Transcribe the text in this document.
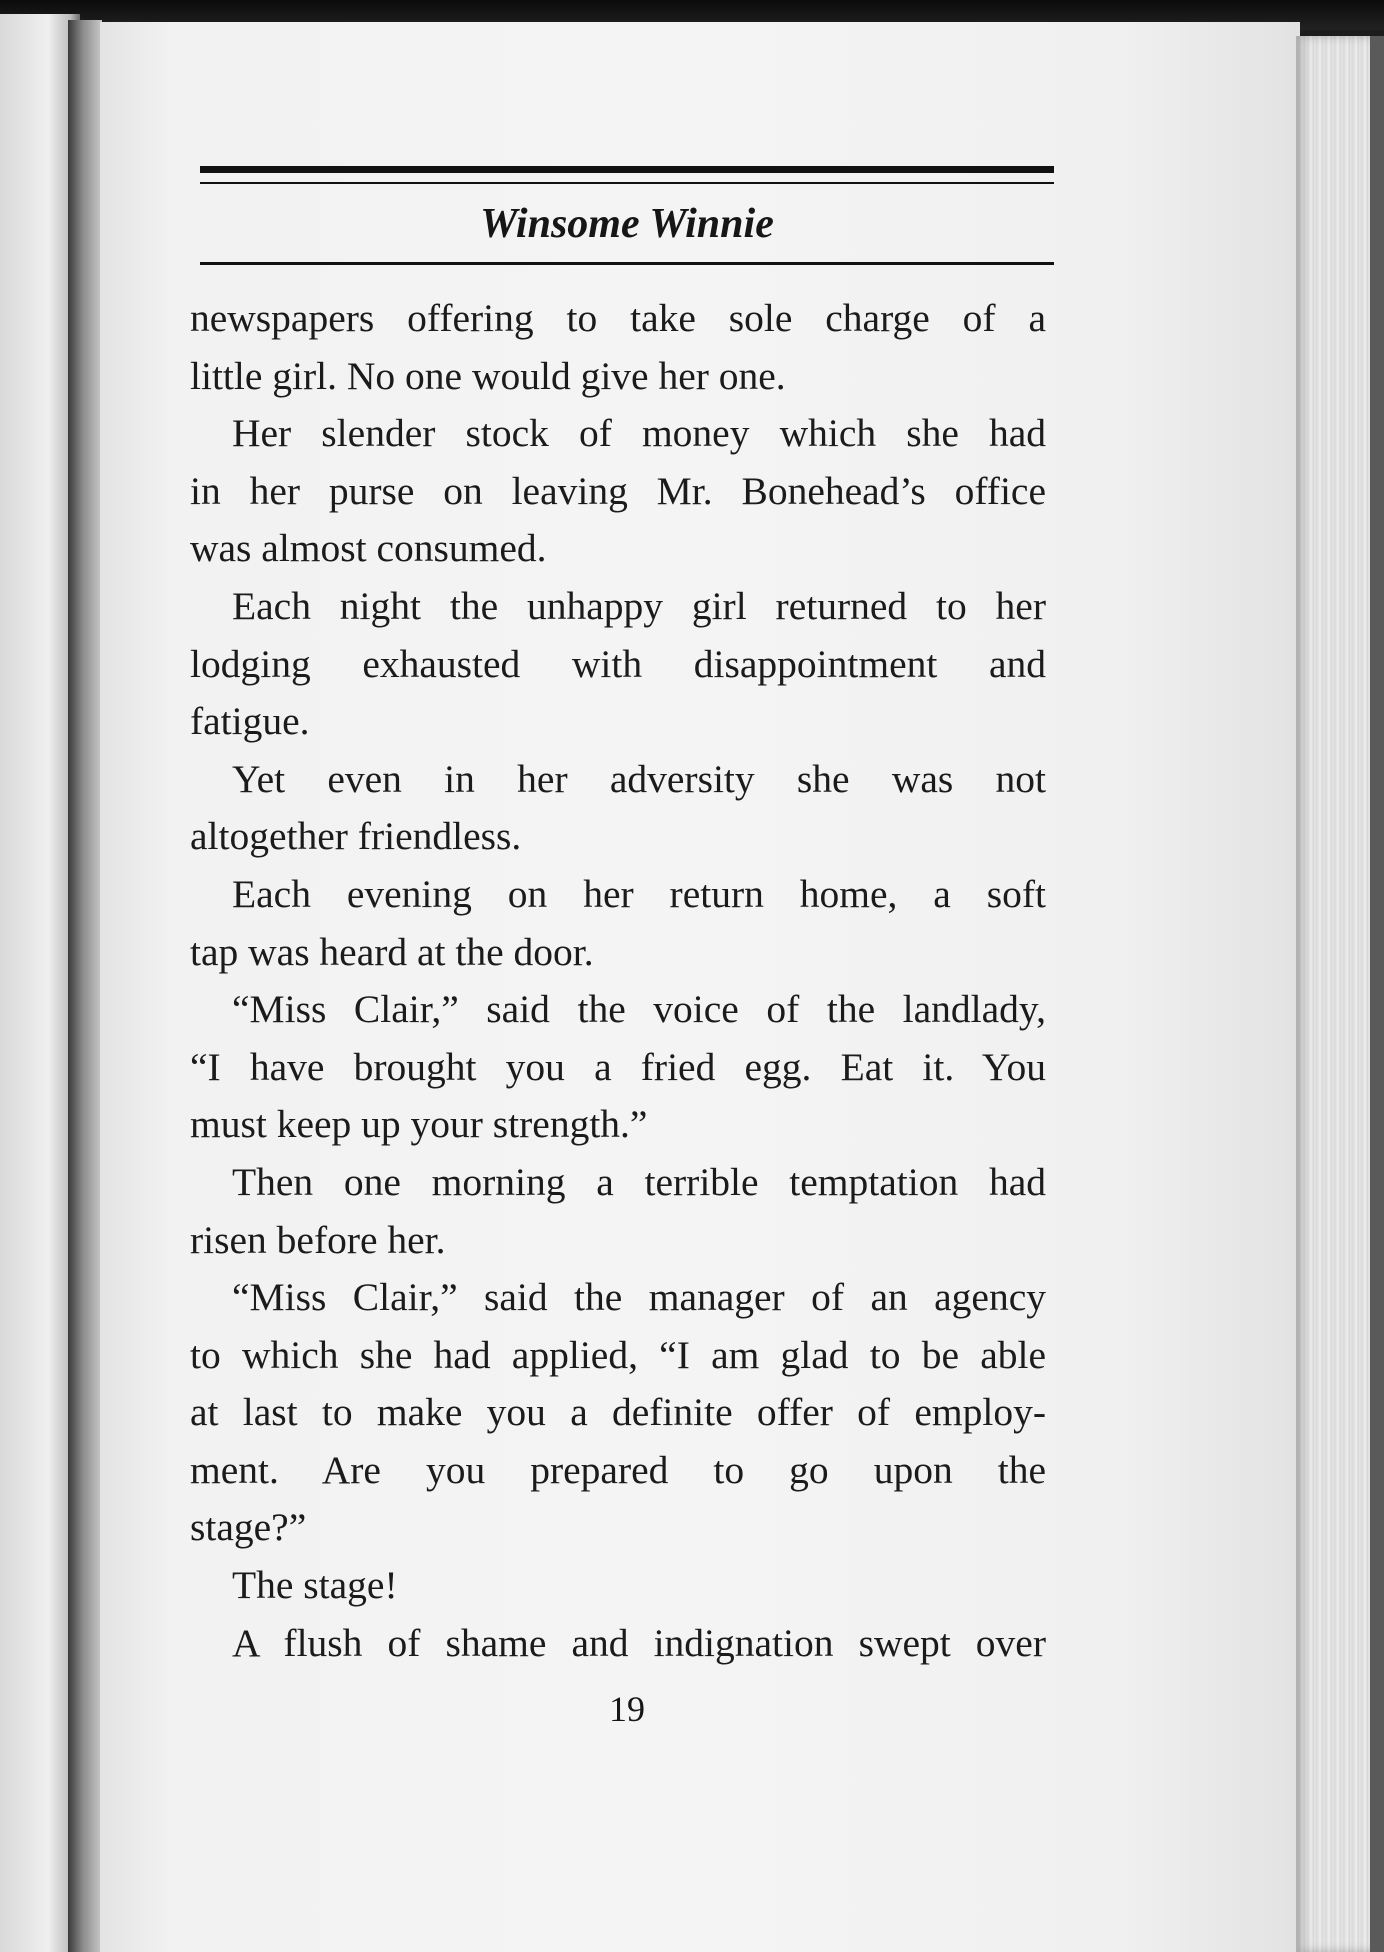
Winsome Winnie
newspapers offering to take sole charge of a
little girl. No one would give her one.
Her slender stock of money which she had
in her purse on leaving Mr. Bonehead’s office
was almost consumed.
Each night the unhappy girl returned to her
lodging exhausted with disappointment and
fatigue.
Yet even in her adversity she was not
altogether friendless.
Each evening on her return home, a soft
tap was heard at the door.
“Miss Clair,” said the voice of the landlady,
“I have brought you a fried egg. Eat it. You
must keep up your strength.”
Then one morning a terrible temptation had
risen before her.
“Miss Clair,” said the manager of an agency
to which she had applied, “I am glad to be able
at last to make you a definite offer of employ-
ment. Are you prepared to go upon the
stage?”
The stage!
A flush of shame and indignation swept over
19
